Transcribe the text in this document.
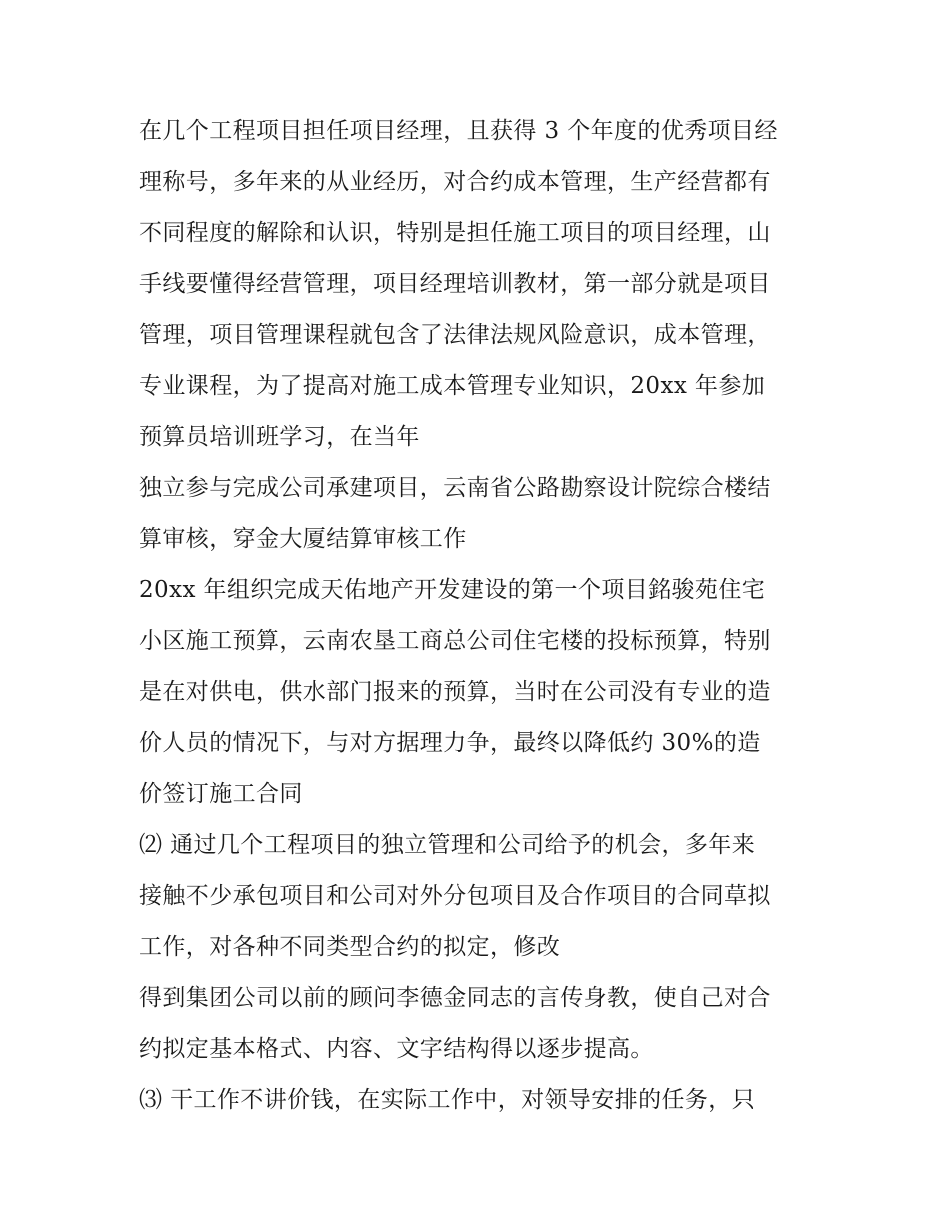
在几个工程项目担任项目经理，且获得 3 个年度的优秀项目经
理称号，多年来的从业经历，对合约成本管理，生产经营都有
不同程度的解除和认识，特别是担任施工项目的项目经理，山
手线要懂得经营管理，项目经理培训教材，第一部分就是项目
管理，项目管理课程就包含了法律法规风险意识，成本管理，
专业课程，为了提高对施工成本管理专业知识，20xx 年参加
预算员培训班学习，在当年
独立参与完成公司承建项目，云南省公路勘察设计院综合楼结
算审核，穿金大厦结算审核工作
20xx 年组织完成天佑地产开发建设的第一个项目銘骏苑住宅
小区施工预算，云南农垦工商总公司住宅楼的投标预算，特别
是在对供电，供水部门报来的预算，当时在公司没有专业的造
价人员的情况下，与对方据理力争，最终以降低约 30%的造
价签订施工合同
⑵ 通过几个工程项目的独立管理和公司给予的机会，多年来
接触不少承包项目和公司对外分包项目及合作项目的合同草拟
工作，对各种不同类型合约的拟定，修改
得到集团公司以前的顾问李德金同志的言传身教，使自己对合
约拟定基本格式、内容、文字结构得以逐步提高。
⑶ 干工作不讲价钱，在实际工作中，对领导安排的任务，只
